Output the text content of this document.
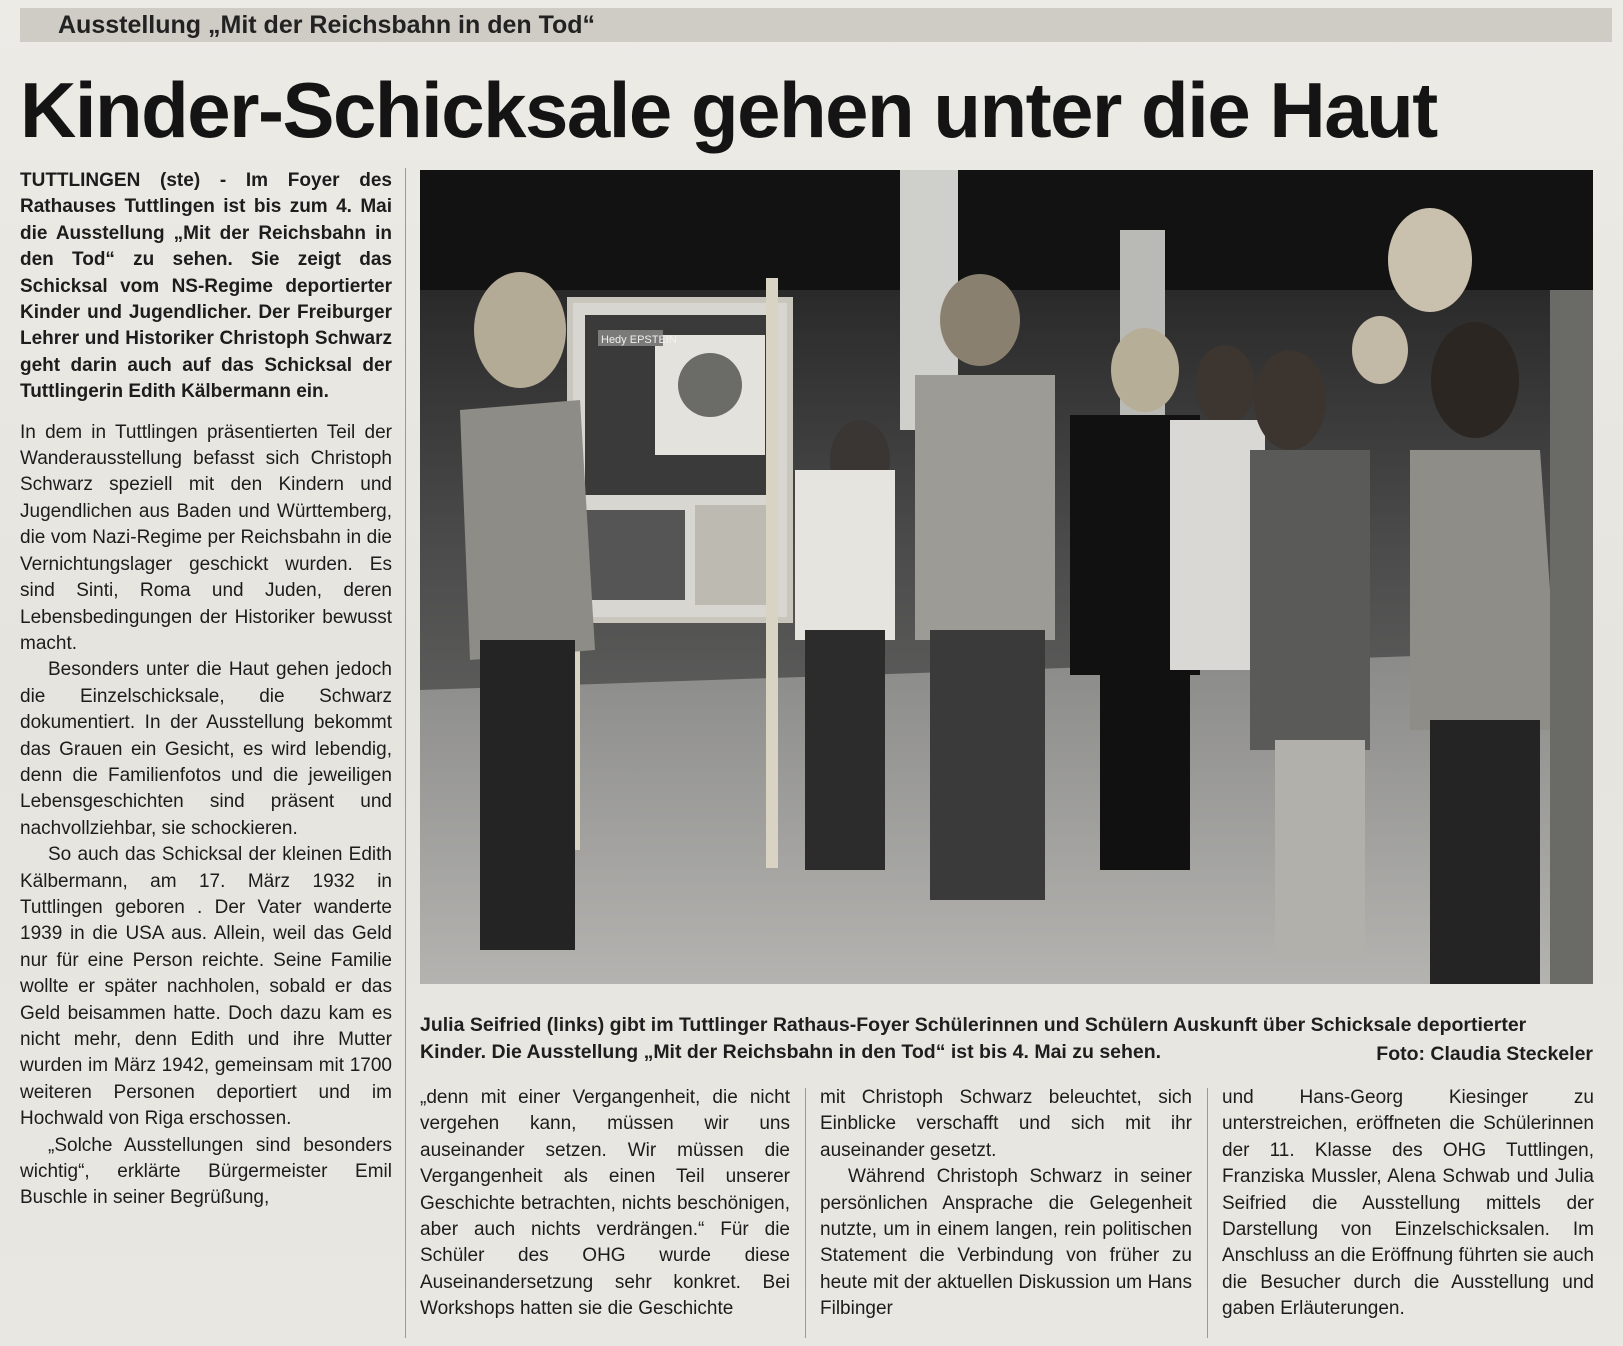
Ausstellung „Mit der Reichsbahn in den Tod“
Kinder-Schicksale gehen unter die Haut

TUTTLINGEN (ste) - Im Foyer des Rathauses Tuttlingen ist bis zum 4. Mai die Ausstellung „Mit der Reichsbahn in den Tod“ zu sehen. Sie zeigt das Schicksal vom NS-Regime deportierter Kinder und Jugendlicher. Der Freiburger Lehrer und Historiker Christoph Schwarz geht darin auch auf das Schicksal der Tuttlingerin Edith Kälbermann ein.

In dem in Tuttlingen präsentierten Teil der Wanderausstellung befasst sich Christoph Schwarz speziell mit den Kindern und Jugendlichen aus Baden und Württemberg, die vom Nazi-Regime per Reichsbahn in die Vernichtungslager geschickt wurden. Es sind Sinti, Roma und Juden, deren Lebensbedingungen der Historiker bewusst macht.

Besonders unter die Haut gehen jedoch die Einzelschicksale, die Schwarz dokumentiert. In der Ausstellung bekommt das Grauen ein Gesicht, es wird lebendig, denn die Familienfotos und die jeweiligen Lebensgeschichten sind präsent und nachvollziehbar, sie schockieren.

So auch das Schicksal der kleinen Edith Kälbermann, am 17. März 1932 in Tuttlingen geboren . Der Vater wanderte 1939 in die USA aus. Allein, weil das Geld nur für eine Person reichte. Seine Familie wollte er später nachholen, sobald er das Geld beisammen hatte. Doch dazu kam es nicht mehr, denn Edith und ihre Mutter wurden im März 1942, gemeinsam mit 1700 weiteren Personen deportiert und im Hochwald von Riga erschossen.

„Solche Ausstellungen sind besonders wichtig“, erklärte Bürgermeister Emil Buschle in seiner Begrüßung,

Hedy EPSTEIN
Julia Seifried (links) gibt im Tuttlinger Rathaus-Foyer Schülerinnen und Schülern Auskunft über Schicksale deportierter Kinder. Die Ausstellung „Mit der Reichsbahn in den Tod“ ist bis 4. Mai zu sehen.	Foto: Claudia Steckeler

„denn mit einer Vergangenheit, die nicht vergehen kann, müssen wir uns auseinander setzen. Wir müssen die Vergangenheit als einen Teil unserer Geschichte betrachten, nichts beschönigen, aber auch nichts verdrängen.“ Für die Schüler des OHG wurde diese Auseinandersetzung sehr konkret. Bei Workshops hatten sie die Geschichte

mit Christoph Schwarz beleuchtet, sich Einblicke verschafft und sich mit ihr auseinander gesetzt.

Während Christoph Schwarz in seiner persönlichen Ansprache die Gelegenheit nutzte, um in einem langen, rein politischen Statement die Verbindung von früher zu heute mit der aktuellen Diskussion um Hans Filbinger

und Hans-Georg Kiesinger zu unterstreichen, eröffneten die Schülerinnen der 11. Klasse des OHG Tuttlingen, Franziska Mussler, Alena Schwab und Julia Seifried die Ausstellung mittels der Darstellung von Einzelschicksalen. Im Anschluss an die Eröffnung führten sie auch die Besucher durch die Ausstellung und gaben Erläuterungen.
